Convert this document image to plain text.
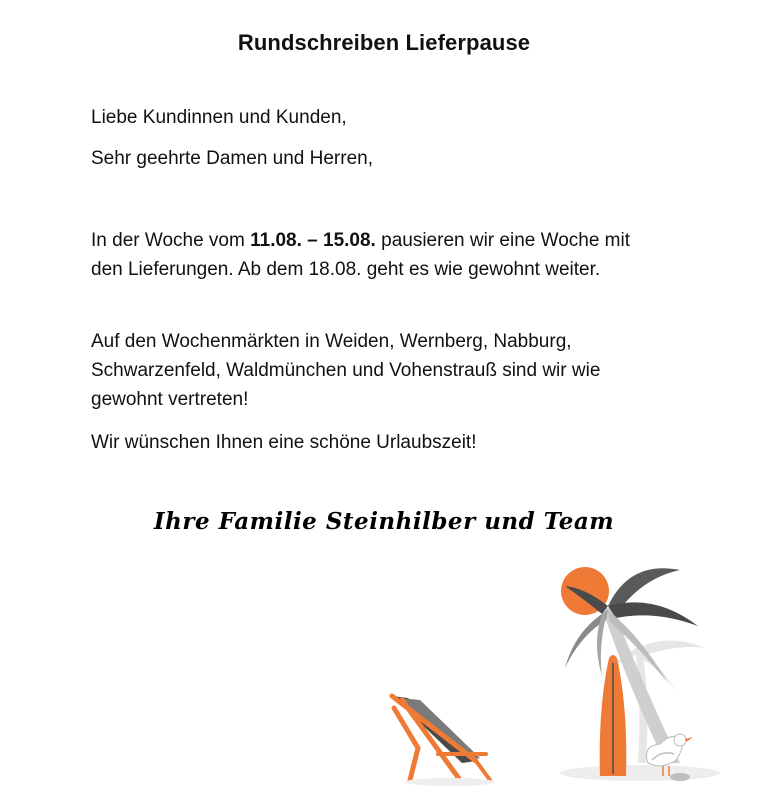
Rundschreiben Lieferpause

Liebe Kundinnen und Kunden,

Sehr geehrte Damen und Herren,

In der Woche vom 11.08. – 15.08. pausieren wir eine Woche mit den Lieferungen. Ab dem 18.08. geht es wie gewohnt weiter.

Auf den Wochenmärkten in Weiden, Wernberg, Nabburg, Schwarzenfeld, Waldmünchen und Vohenstrauß sind wir wie gewohnt vertreten!

Wir wünschen Ihnen eine schöne Urlaubszeit!

Ihre Familie Steinhilber und Team
